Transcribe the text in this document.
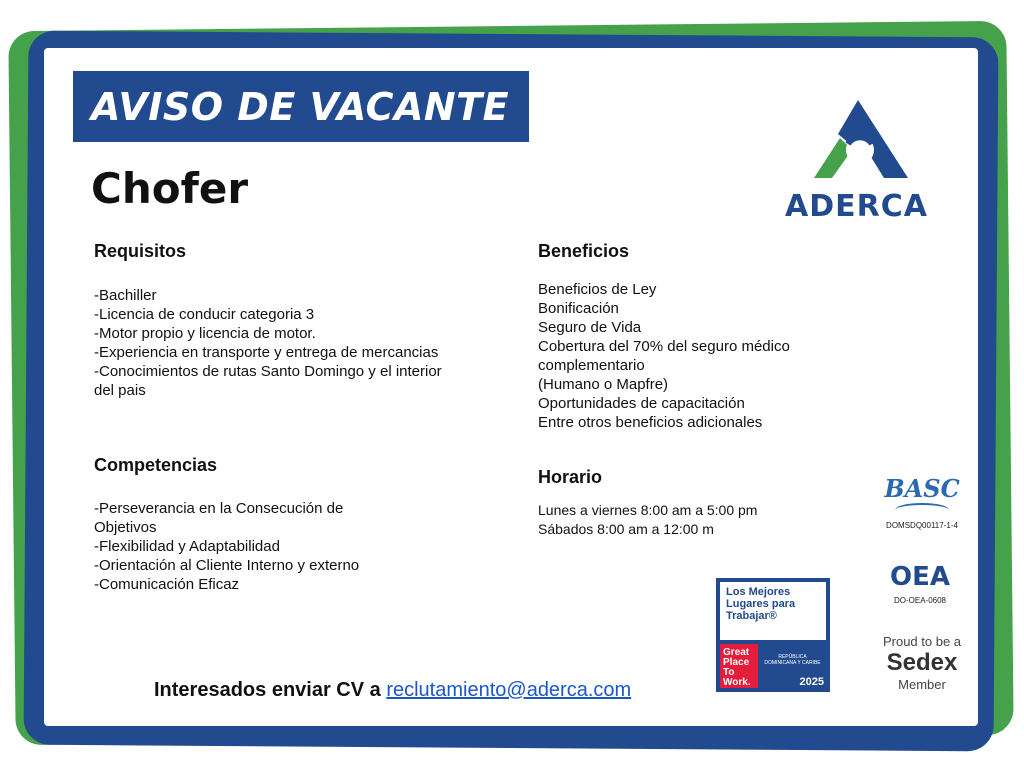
AVISO DE VACANTE
Chofer	ADERCA
Requisitos
-Bachiller
-Licencia de conducir categoria 3
-Motor propio y licencia de motor.
-Experiencia en transporte y entrega de mercancias
-Conocimientos de rutas Santo Domingo y el interior
del pais
Competencias
-Perseverancia en la Consecución de
Objetivos
-Flexibilidad y Adaptabilidad
-Orientación al Cliente Interno y externo
-Comunicación Eficaz
Beneficios
Beneficios de Ley
Bonificación
Seguro de Vida
Cobertura del 70% del seguro médico
complementario
(Humano o Mapfre)
Oportunidades de capacitación
Entre otros beneficios adicionales
Horario
Lunes a viernes 8:00 am a 5:00 pm
Sábados 8:00 am a 12:00 m
Los Mejores
Lugares para
Trabajar®
Great Place To Work.
REPÚBLICA DOMINICANA Y CARIBE
2025
BASC
DOMSDQ00117-1-4
OEA
DO-OEA-0608
Proud to be a
Sedex
Member
Interesados enviar CV a reclutamiento@aderca.com
